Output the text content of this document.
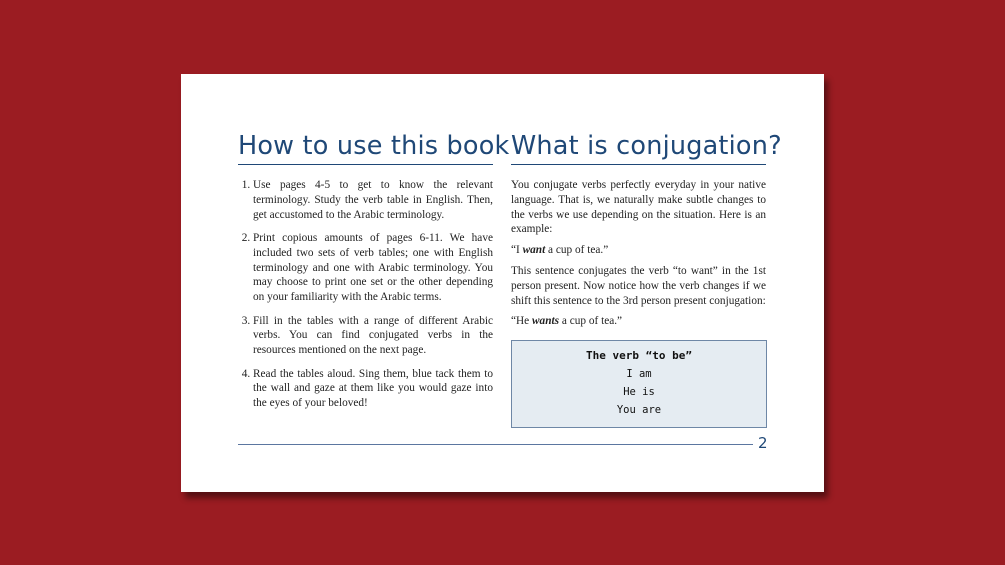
How to use this book
1. Use pages 4-5 to get to know the relevant terminology. Study the verb table in English. Then, get accustomed to the Arabic terminology.
2. Print copious amounts of pages 6-11. We have included two sets of verb tables; one with English terminology and one with Arabic terminology. You may choose to print one set or the other depending on your familiarity with the Arabic terms.
3. Fill in the tables with a range of different Arabic verbs. You can find conjugated verbs in the resources mentioned on the next page.
4. Read the tables aloud. Sing them, blue tack them to the wall and gaze at them like you would gaze into the eyes of your beloved!
What is conjugation?

You conjugate verbs perfectly everyday in your native language. That is, we naturally make subtle changes to the verbs we use depending on the situation. Here is an example:

“I want a cup of tea.”

This sentence conjugates the verb “to want” in the 1st person present. Now notice how the verb changes if we shift this sentence to the 3rd person present conjugation:

“He wants a cup of tea.”

The verb “to be”
I am
He is
You are
2
